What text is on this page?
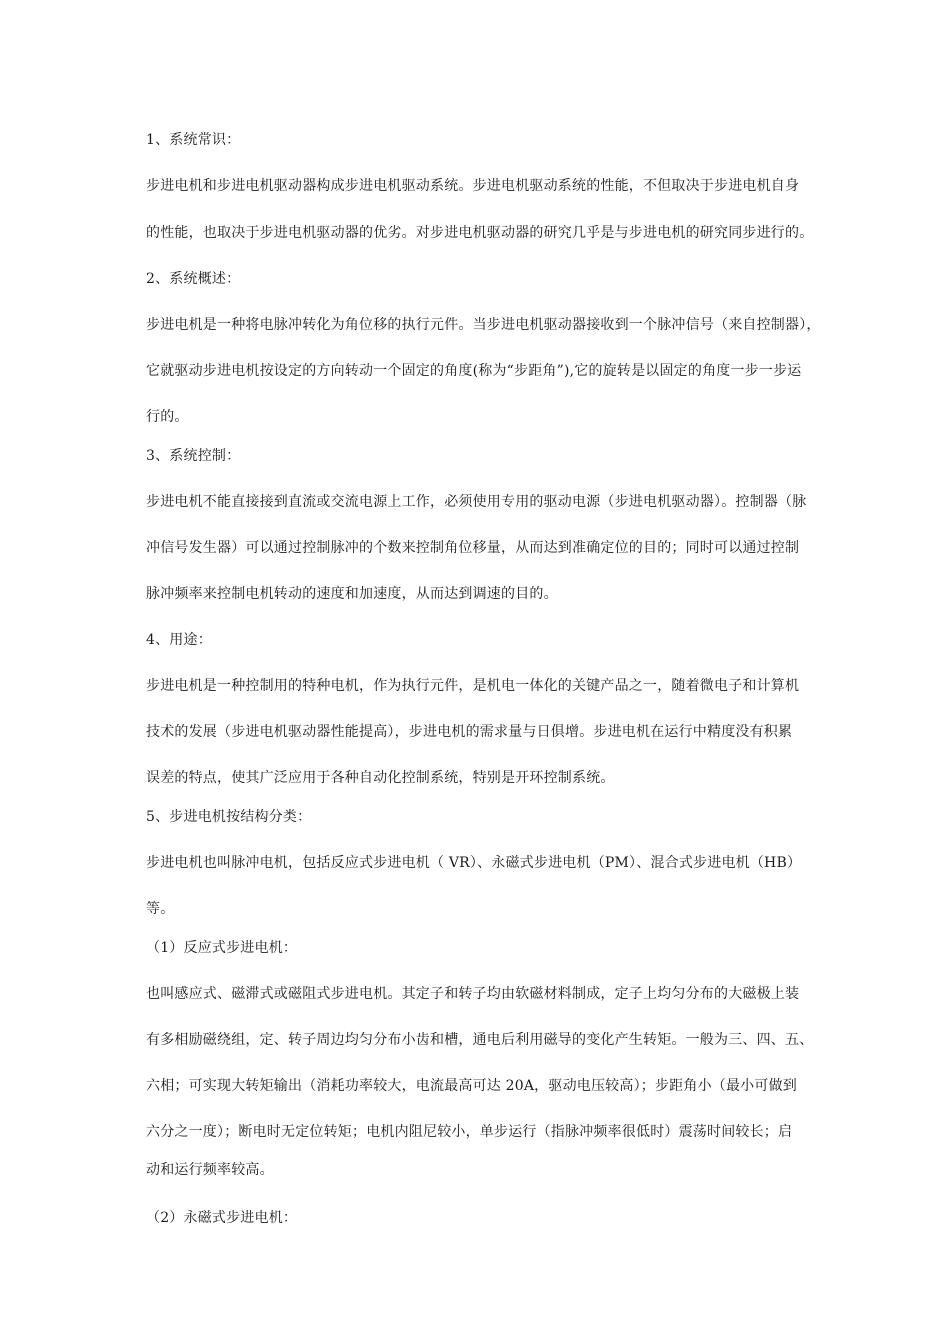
1、系统常识：
步进电机和步进电机驱动器构成步进电机驱动系统。步进电机驱动系统的性能，不但取决于步进电机自身
的性能，也取决于步进电机驱动器的优劣。对步进电机驱动器的研究几乎是与步进电机的研究同步进行的。
2、系统概述：
步进电机是一种将电脉冲转化为角位移的执行元件。当步进电机驱动器接收到一个脉冲信号（来自控制器），
它就驱动步进电机按设定的方向转动一个固定的角度(称为“步距角”),它的旋转是以固定的角度一步一步运
行的。
3、系统控制：
步进电机不能直接接到直流或交流电源上工作，必须使用专用的驱动电源（步进电机驱动器）。控制器（脉
冲信号发生器）可以通过控制脉冲的个数来控制角位移量，从而达到准确定位的目的；同时可以通过控制
脉冲频率来控制电机转动的速度和加速度，从而达到调速的目的。
4、用途：
步进电机是一种控制用的特种电机，作为执行元件，是机电一体化的关键产品之一，随着微电子和计算机
技术的发展（步进电机驱动器性能提高），步进电机的需求量与日俱增。步进电机在运行中精度没有积累
误差的特点，使其广泛应用于各种自动化控制系统，特别是开环控制系统。
5、步进电机按结构分类：
步进电机也叫脉冲电机，包括反应式步进电机（ VR）、永磁式步进电机（PM）、混合式步进电机（HB）
等。
（1）反应式步进电机：
也叫感应式、磁滞式或磁阻式步进电机。其定子和转子均由软磁材料制成，定子上均匀分布的大磁极上装
有多相励磁绕组，定、转子周边均匀分布小齿和槽，通电后利用磁导的变化产生转矩。一般为三、四、五、
六相；可实现大转矩输出（消耗功率较大，电流最高可达 20A，驱动电压较高）；步距角小（最小可做到
六分之一度）；断电时无定位转矩；电机内阻尼较小，单步运行（指脉冲频率很低时）震荡时间较长；启
动和运行频率较高。
（2）永磁式步进电机：
